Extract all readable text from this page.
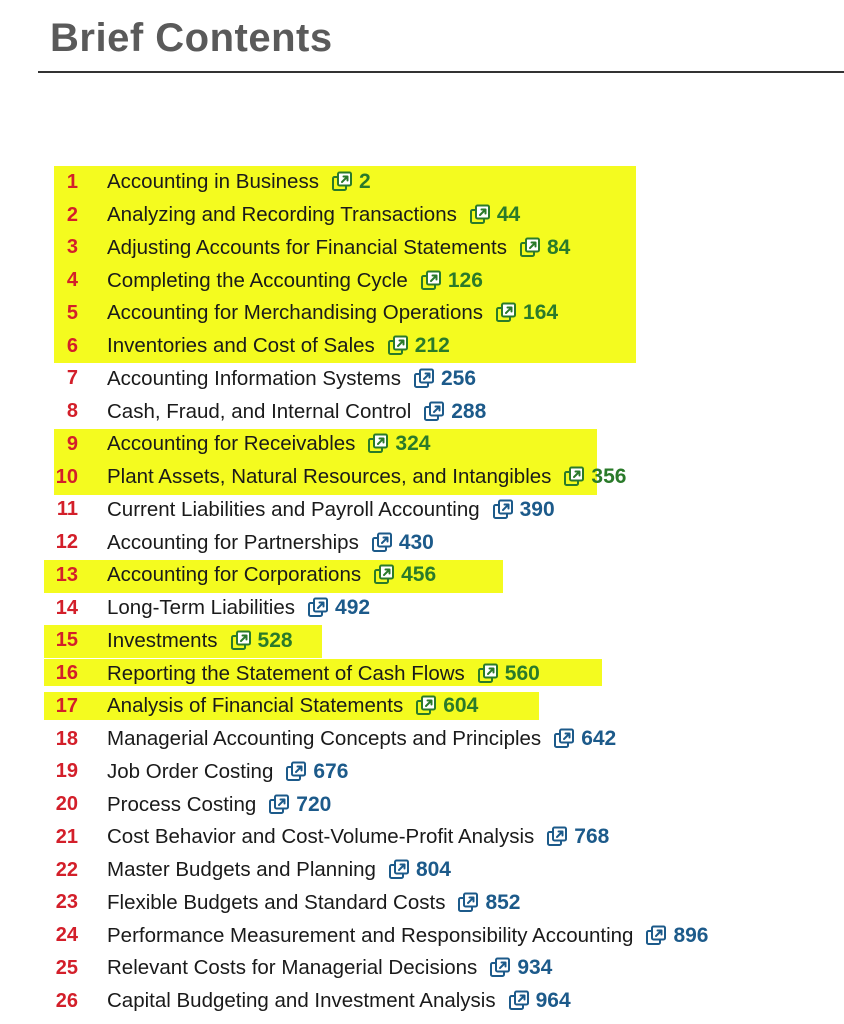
Brief Contents
1 Accounting in Business 2
2 Analyzing and Recording Transactions 44
3 Adjusting Accounts for Financial Statements 84
4 Completing the Accounting Cycle 126
5 Accounting for Merchandising Operations 164
6 Inventories and Cost of Sales 212
7 Accounting Information Systems 256
8 Cash, Fraud, and Internal Control 288
9 Accounting for Receivables 324
10 Plant Assets, Natural Resources, and Intangibles 356
11 Current Liabilities and Payroll Accounting 390
12 Accounting for Partnerships 430
13 Accounting for Corporations 456
14 Long-Term Liabilities 492
15 Investments 528
16 Reporting the Statement of Cash Flows 560
17 Analysis of Financial Statements 604
18 Managerial Accounting Concepts and Principles 642
19 Job Order Costing 676
20 Process Costing 720
21 Cost Behavior and Cost-Volume-Profit Analysis 768
22 Master Budgets and Planning 804
23 Flexible Budgets and Standard Costs 852
24 Performance Measurement and Responsibility Accounting 896
25 Relevant Costs for Managerial Decisions 934
26 Capital Budgeting and Investment Analysis 964
